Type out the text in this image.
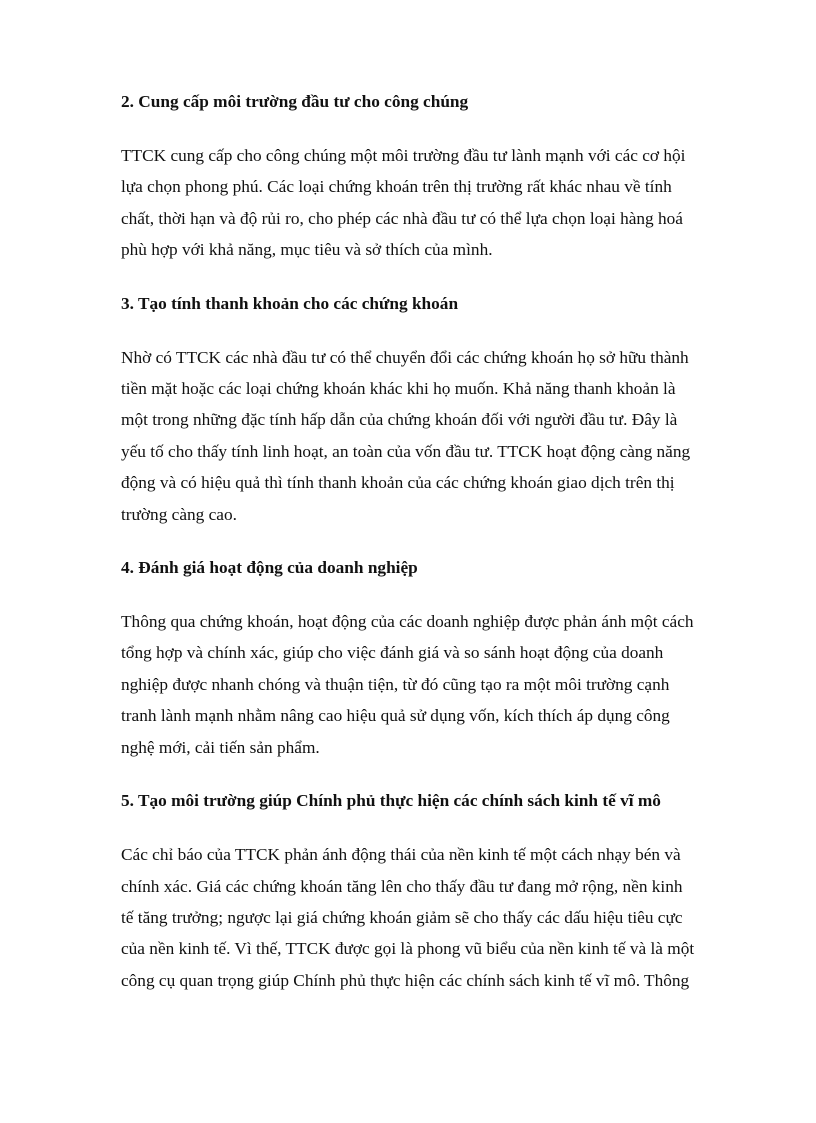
2. Cung cấp môi trường đầu tư cho công chúng
TTCK cung cấp cho công chúng một môi trường đầu tư lành mạnh với các cơ hội
lựa chọn phong phú. Các loại chứng khoán trên thị trường rất khác nhau về tính
chất, thời hạn và độ rủi ro, cho phép các nhà đầu tư có thể lựa chọn loại hàng hoá
phù hợp với khả năng, mục tiêu và sở thích của mình.
3. Tạo tính thanh khoản cho các chứng khoán
Nhờ có TTCK các nhà đầu tư có thể chuyển đổi các chứng khoán họ sở hữu thành
tiền mặt hoặc các loại chứng khoán khác khi họ muốn. Khả năng thanh khoản là
một trong những đặc tính hấp dẫn của chứng khoán đối với người đầu tư. Đây là
yếu tố cho thấy tính linh hoạt, an toàn của vốn đầu tư. TTCK hoạt động càng năng
động và có hiệu quả thì tính thanh khoản của các chứng khoán giao dịch trên thị
trường càng cao.
4. Đánh giá hoạt động của doanh nghiệp
Thông qua chứng khoán, hoạt động của các doanh nghiệp được phản ánh một cách
tổng hợp và chính xác, giúp cho việc đánh giá và so sánh hoạt động của doanh
nghiệp được nhanh chóng và thuận tiện, từ đó cũng tạo ra một môi trường cạnh
tranh lành mạnh nhằm nâng cao hiệu quả sử dụng vốn, kích thích áp dụng công
nghệ mới, cải tiến sản phẩm.
5. Tạo môi trường giúp Chính phủ thực hiện các chính sách kinh tế vĩ mô
Các chỉ báo của TTCK phản ánh động thái của nền kinh tế một cách nhạy bén và
chính xác. Giá các chứng khoán tăng lên cho thấy đầu tư đang mở rộng, nền kinh
tế tăng trưởng; ngược lại giá chứng khoán giảm sẽ cho thấy các dấu hiệu tiêu cực
của nền kinh tế. Vì thế, TTCK được gọi là phong vũ biểu của nền kinh tế và là một
công cụ quan trọng giúp Chính phủ thực hiện các chính sách kinh tế vĩ mô. Thông
